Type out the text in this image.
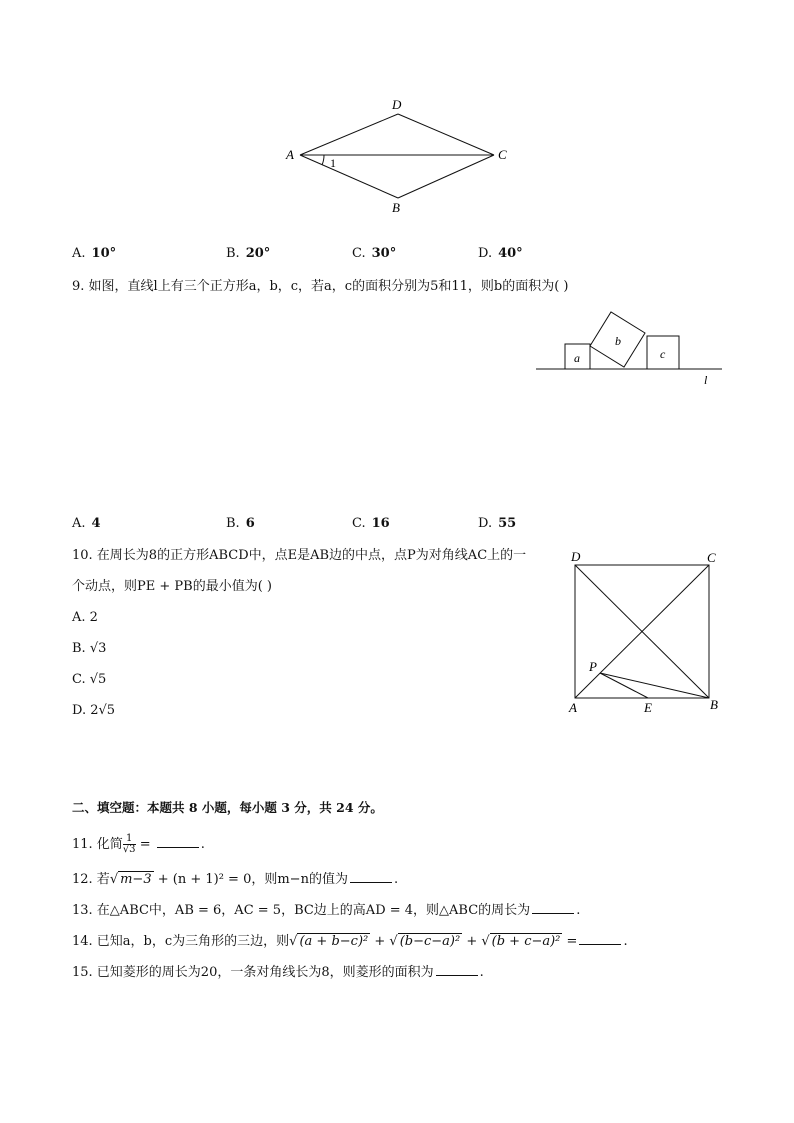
D
A	C
B
1
A. 10°	B. 20°	C. 30°	D. 40°
9. 如图，直线l上有三个正方形a，b，c，若a，c的面积分别为5和11，则b的面积为( )
a
b
c
l
A. 4	B. 6	C. 16	D. 55
10. 在周长为8的正方形ABCD中，点E是AB边的中点，点P为对角线AC上的一
个动点，则PE + PB的最小值为( )
A. 2
B. √3
C. √5
D. 2√5
D	C
A	B
E
P
二、填空题：本题共 8 小题，每小题 3 分，共 24 分。
11. 化简 $\frac{1}{√3}$ =	.
12. 若√ m−3 + (n + 1)² = 0，则m−n的值为	.
13. 在△ABC中，AB = 6，AC = 5，BC边上的高AD = 4，则△ABC的周长为	.
14. 已知a，b，c为三角形的三边，则√ (a + b−c)² + √ (b−c−a)² + √ (b + c−a)² =	.
15. 已知菱形的周长为20，一条对角线长为8，则菱形的面积为	.
